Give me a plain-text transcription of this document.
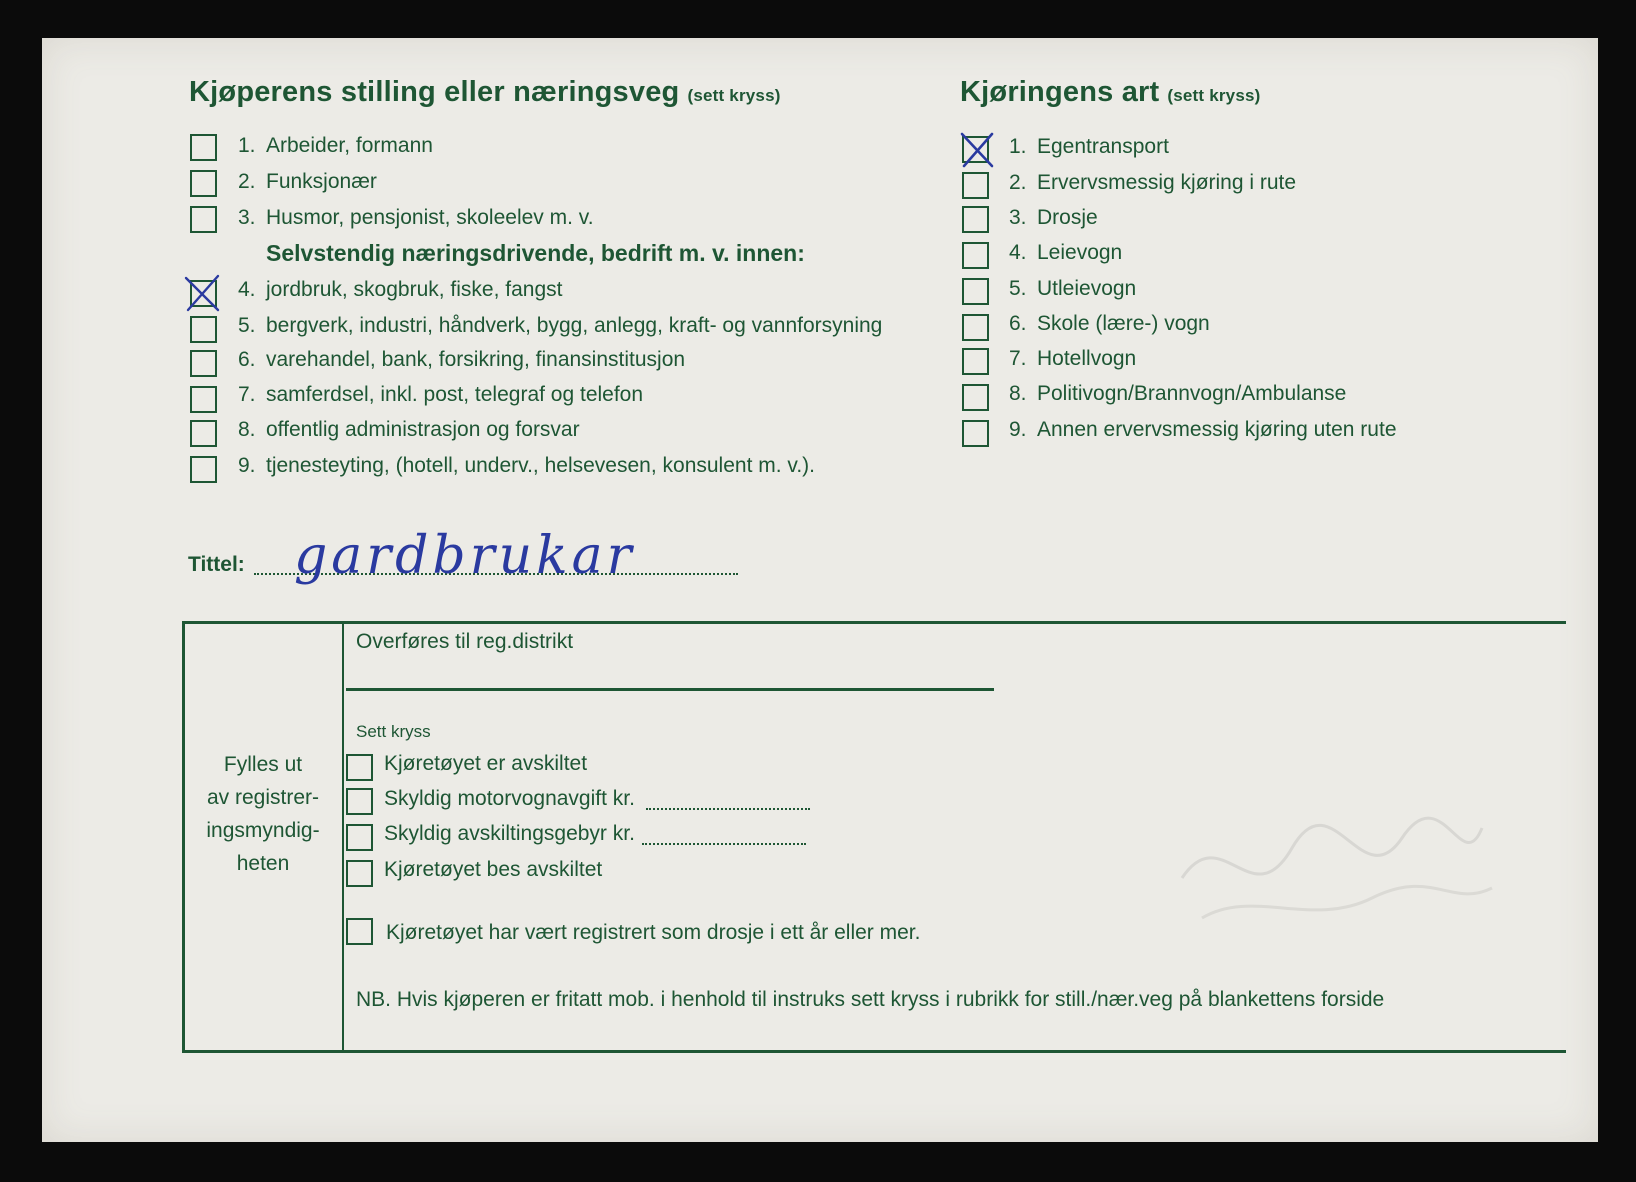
Kjøperens stilling eller næringsveg (sett kryss)
1. Arbeider, formann
2. Funksjonær
3. Husmor, pensjonist, skoleelev m. v.
Selvstendig næringsdrivende, bedrift m. v. innen:
4. jordbruk, skogbruk, fiske, fangst
5. bergverk, industri, håndverk, bygg, anlegg, kraft- og vannforsyning
6. varehandel, bank, forsikring, finansinstitusjon
7. samferdsel, inkl. post, telegraf og telefon
8. offentlig administrasjon og forsvar
9. tjenesteyting, (hotell, underv., helsevesen, konsulent m. v.).
Kjøringens art (sett kryss)
1. Egentransport
2. Ervervsmessig kjøring i rute
3. Drosje
4. Leievogn
5. Utleievogn
6. Skole (lære-) vogn
7. Hotellvogn
8. Politivogn/Brannvogn/Ambulanse
9. Annen ervervsmessig kjøring uten rute
Tittel: gardbrukar
Fylles ut
av registrer-
ingsmyndig-
heten
Overføres til reg.distrikt
Sett kryss
Kjøretøyet er avskiltet
Skyldig motorvognavgift kr.
Skyldig avskiltingsgebyr kr.
Kjøretøyet bes avskiltet
Kjøretøyet har vært registrert som drosje i ett år eller mer.
NB. Hvis kjøperen er fritatt mob. i henhold til instruks sett kryss i rubrikk for still./nær.veg på blankettens forside
